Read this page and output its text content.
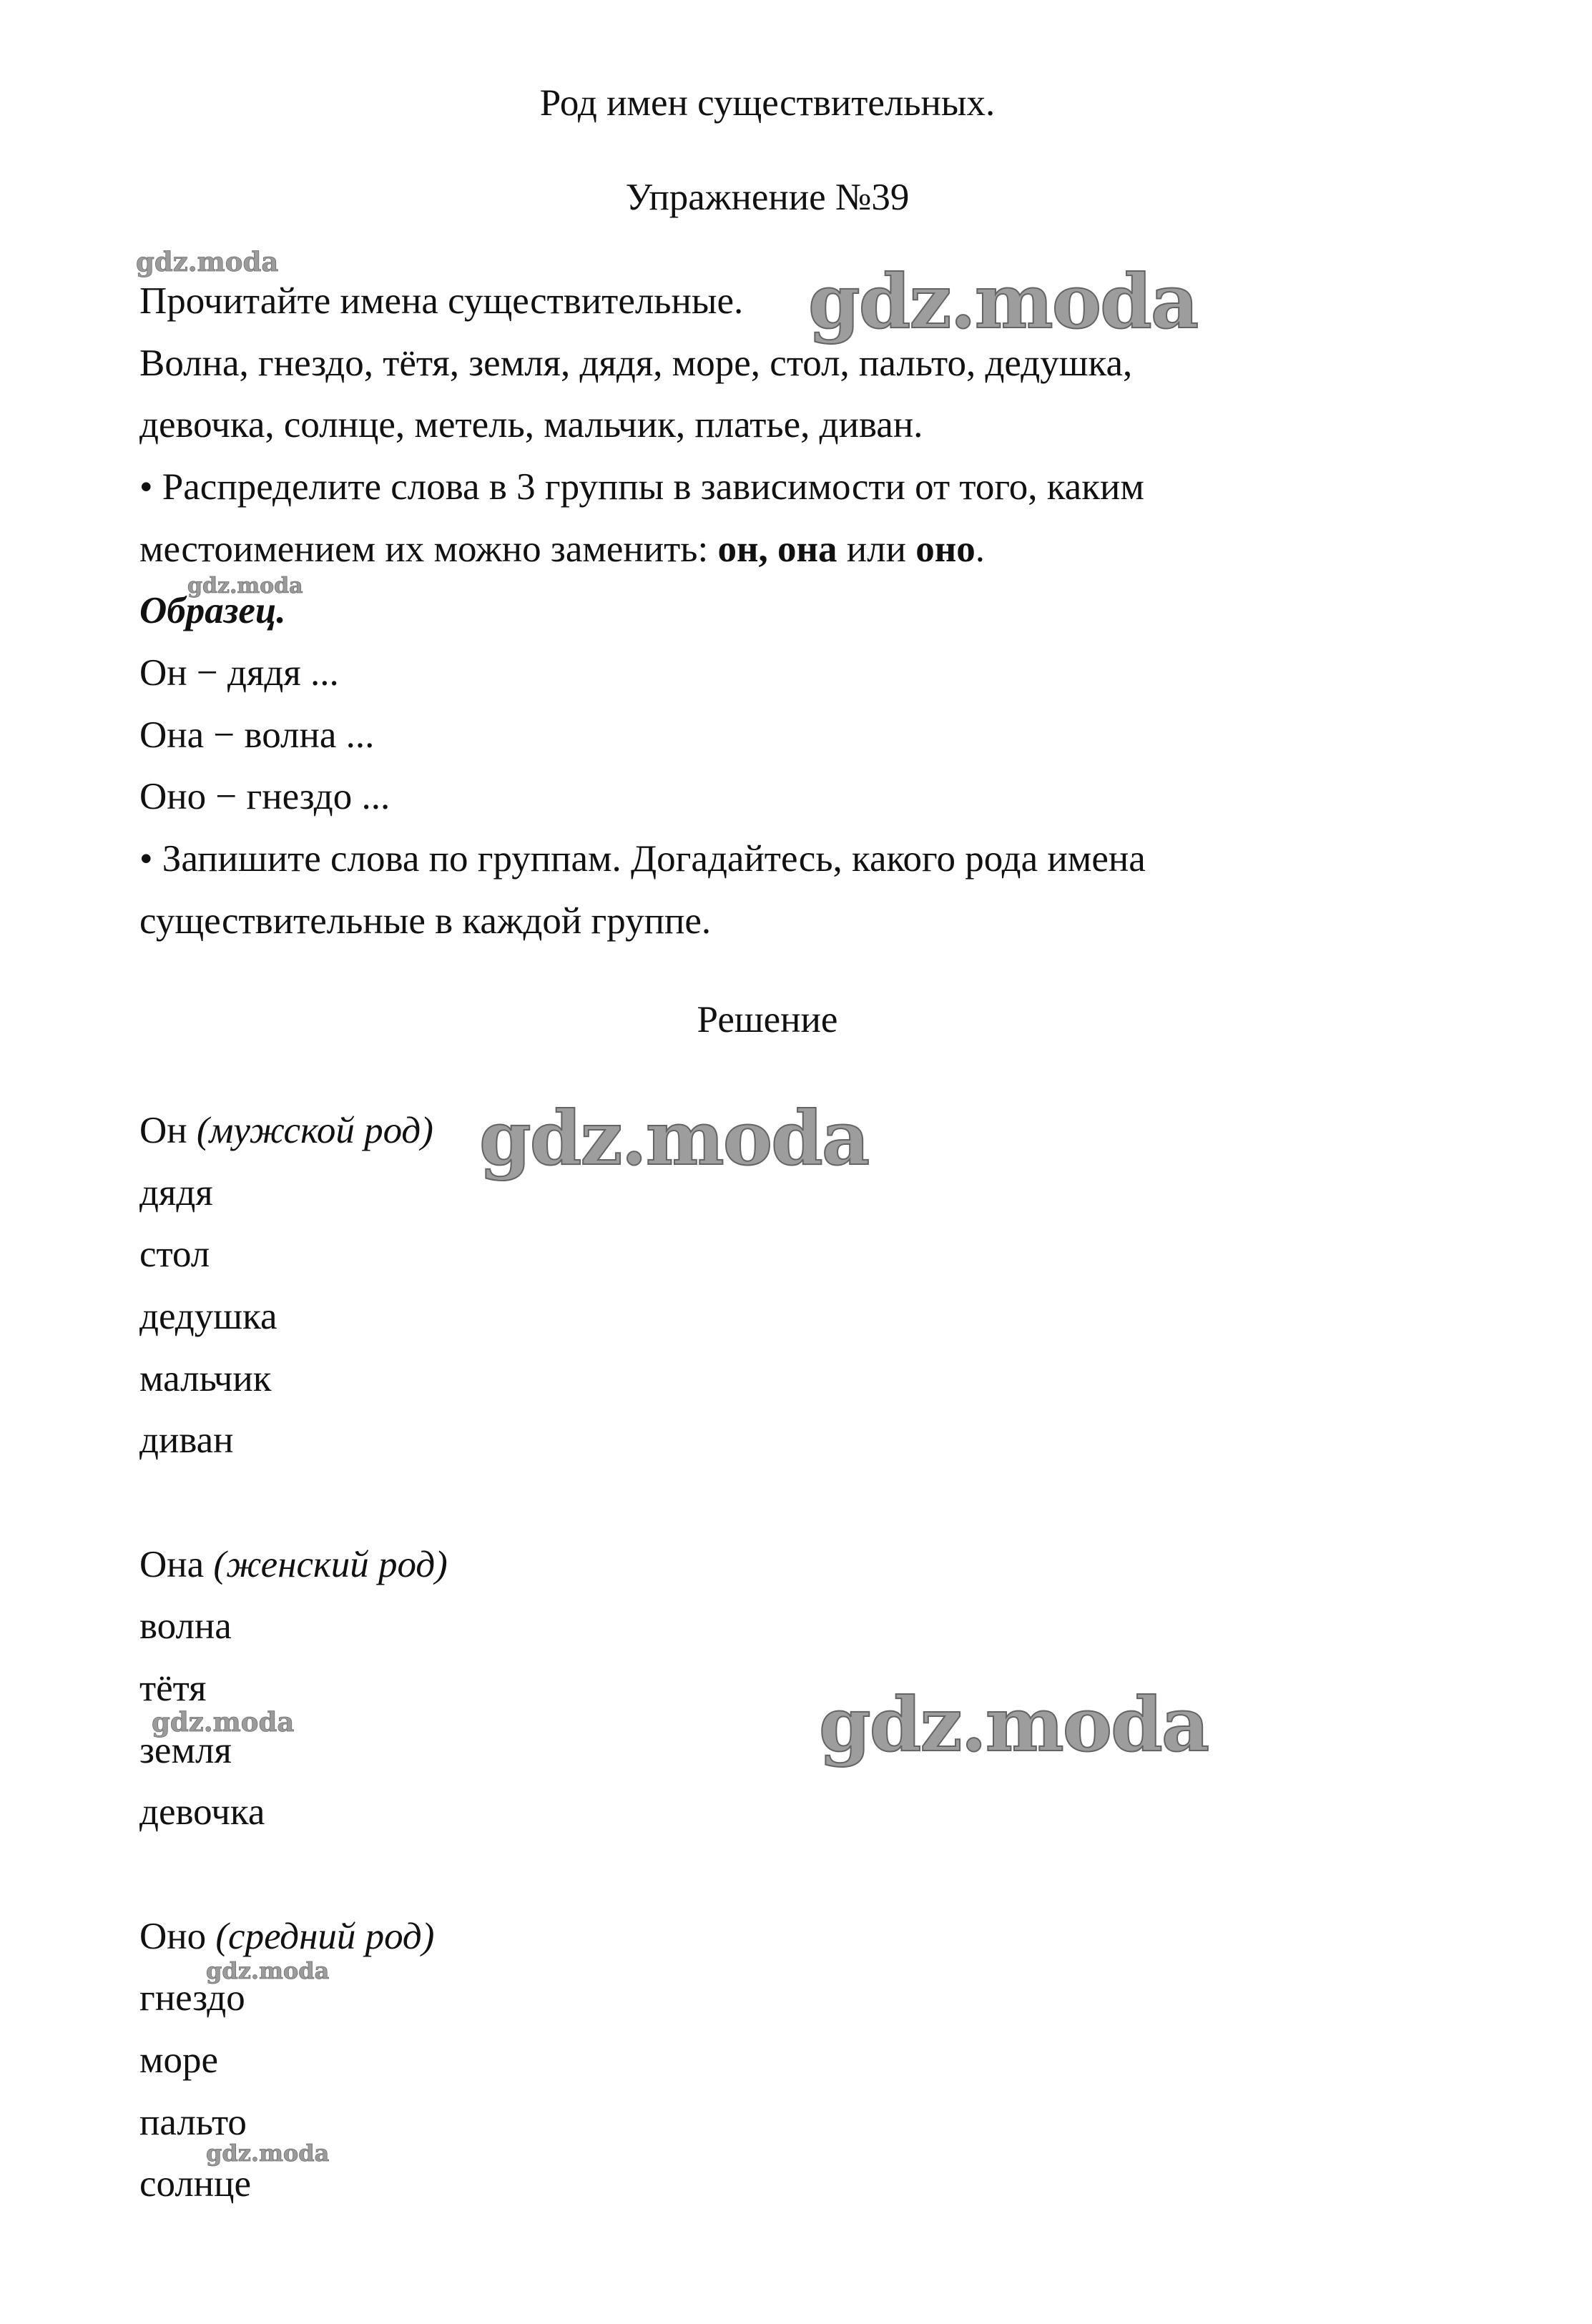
Род имен существительных.
Упражнение №39
Прочитайте имена существительные.
Волна, гнездо, тётя, земля, дядя, море, стол, пальто, дедушка,
девочка, солнце, метель, мальчик, платье, диван.
• Распределите слова в 3 группы в зависимости от того, каким
местоимением их можно заменить: он, она или оно.
Образец.
Он − дядя ...
Она − волна ...
Оно − гнездо ...
• Запишите слова по группам. Догадайтесь, какого рода имена
существительные в каждой группе.
Решение
Он (мужской род)
дядя
стол
дедушка
мальчик
диван
Она (женский род)
волна
тётя
земля
девочка
Оно (средний род)
гнездо
море
пальто
солнце
gdz.moda	gdz.moda
gdz.moda
gdz.moda
gdz.moda
gdz.moda
gdz.moda
gdz.moda
